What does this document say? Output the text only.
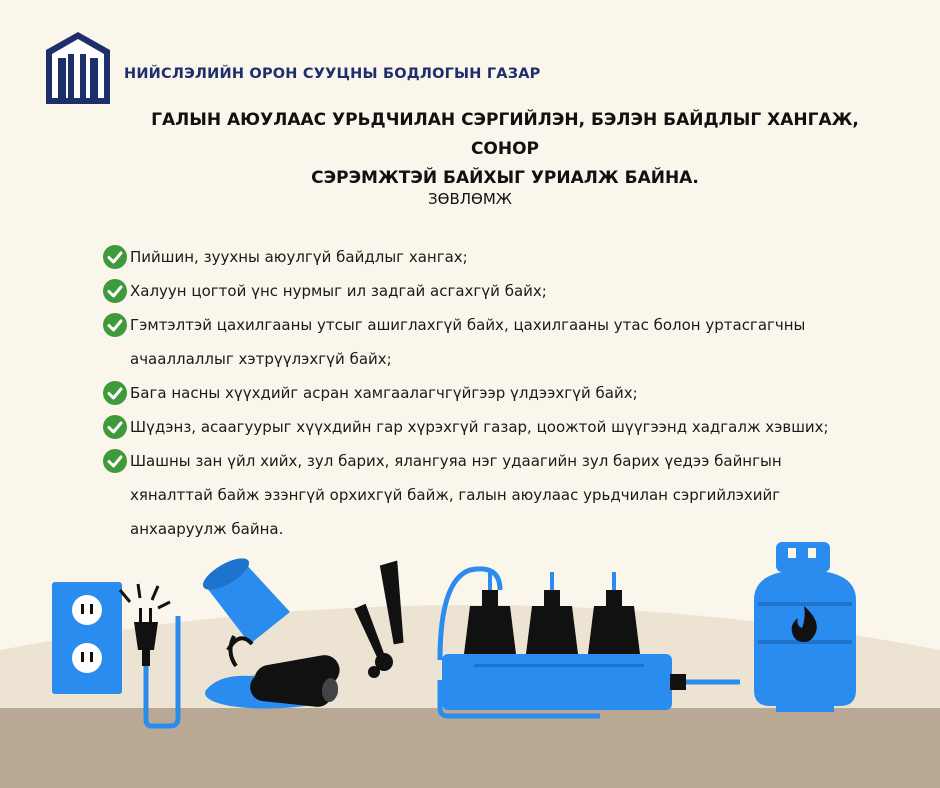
НИЙСЛЭЛИЙН ОРОН СУУЦНЫ БОДЛОГЫН ГАЗАР
ГАЛЫН АЮУЛААС УРЬДЧИЛАН СЭРГИЙЛЭН, БЭЛЭН БАЙДЛЫГ ХАНГАЖ, СОНОР
СЭРЭМЖТЭЙ БАЙХЫГ УРИАЛЖ БАЙНА.
ЗӨВЛӨМЖ
Пийшин, зуухны аюулгүй байдлыг хангах;
Халуун цогтой үнс нурмыг ил задгай асгахгүй байх;
Гэмтэлтэй цахилгааны утсыг ашиглахгүй байх, цахилгааны утас болон уртасгагчны
ачааллаллыг хэтрүүлэхгүй байх;
Бага насны хүүхдийг асран хамгаалагчгүйгээр үлдээхгүй байх;
Шүдэнз, асаагуурыг хүүхдийн гар хүрэхгүй газар, цоожтой шүүгээнд хадгалж хэвших;
Шашны зан үйл хийх, зул барих, ялангуяа нэг удаагийн зул барих үедээ байнгын
хяналттай байж эзэнгүй орхихгүй байж, галын аюулаас урьдчилан сэргийлэхийг
анхааруулж байна.
